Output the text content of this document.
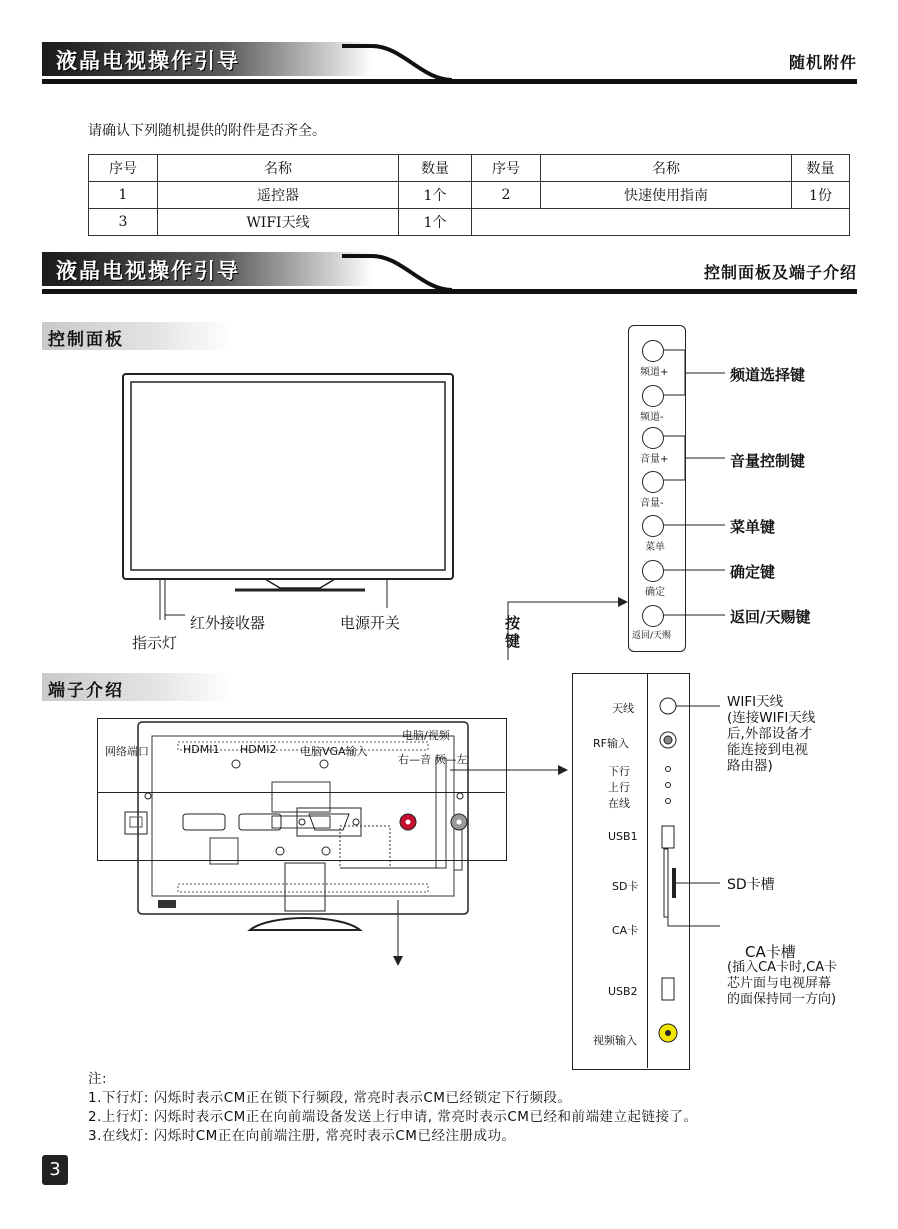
液晶电视操作引导	随机附件
请确认下列随机提供的附件是否齐全。
序号	名称	数量	序号	名称	数量
1	遥控器	1个	2	快速使用指南	1份
3	WIFI天线	1个			
液晶电视操作引导	控制面板及端子介绍
控制面板
红外接收器	电源开关
指示灯
按
键
频道+
频道-
音量+
音量-
菜单
确定
返回/天赐
频道选择键
音量控制键
菜单键
确定键
返回/天赐键
端子介绍
网络端口	HDMI1 HDMI2 电脑VGA输入
电脑/视频
右—音 频—左
天线
RF输入
下行
上行
在线
USB1
SD卡
CA卡
USB2
视频输入
WIFI天线
(连接WIFI天线
后,外部设备才
能连接到电视
路由器)
SD卡槽
CA卡槽
(插入CA卡时,CA卡
芯片面与电视屏幕
的面保持同一方向)
注:
1.下行灯: 闪烁时表示CM正在锁下行频段, 常亮时表示CM已经锁定下行频段。
2.上行灯: 闪烁时表示CM正在向前端设备发送上行申请, 常亮时表示CM已经和前端建立起链接了。
3.在线灯: 闪烁时CM正在向前端注册, 常亮时表示CM已经注册成功。
3
